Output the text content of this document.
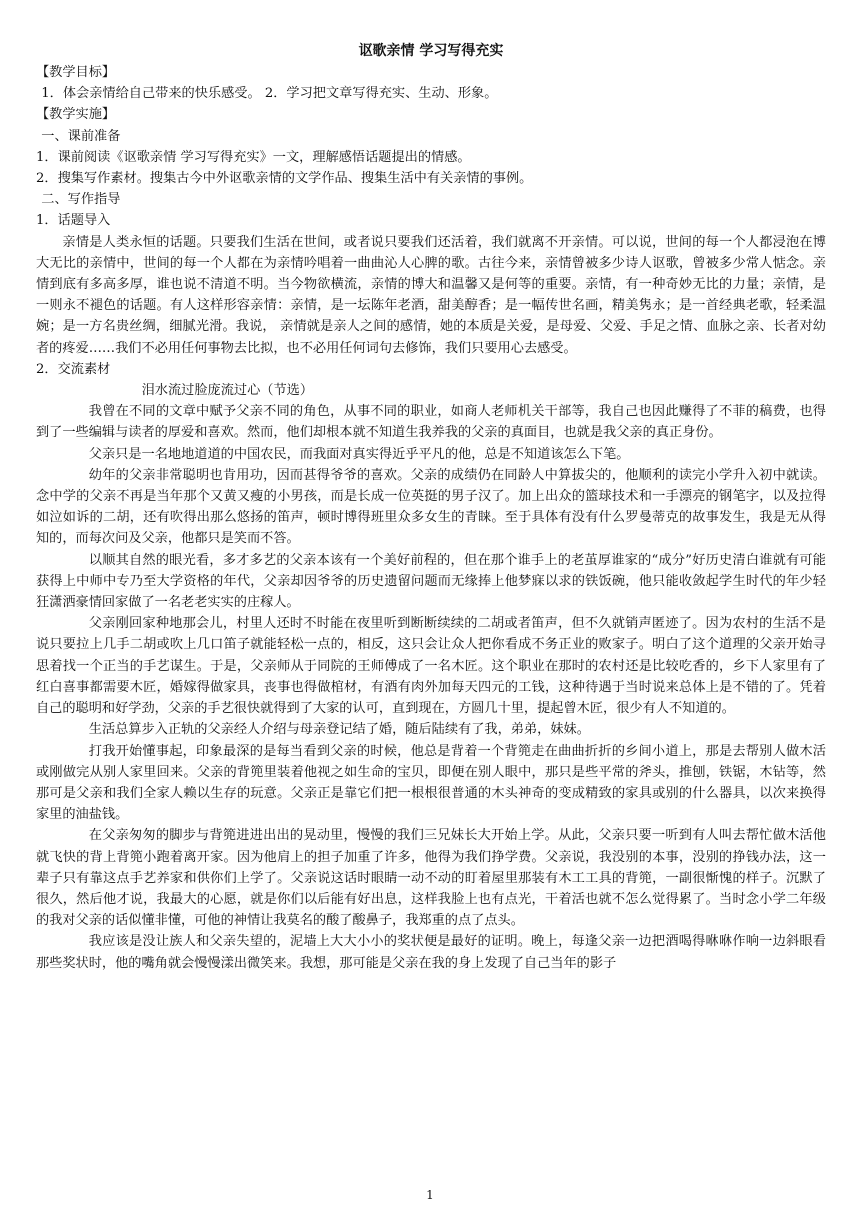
讴歌亲情 学习写得充实
【教学目标】
1．体会亲情给自己带来的快乐感受。 2．学习把文章写得充实、生动、形象。
【教学实施】
一、课前准备
1．课前阅读《讴歌亲情 学习写得充实》一文，理解感悟话题提出的情感。
2．搜集写作素材。搜集古今中外讴歌亲情的文学作品、搜集生活中有关亲情的事例。
二、写作指导
1．话题导入

亲情是人类永恒的话题。只要我们生活在世间，或者说只要我们还活着，我们就离不开亲情。可以说，世间的每一个人都浸泡在博大无比的亲情中，世间的每一个人都在为亲情吟唱着一曲曲沁人心脾的歌。古往今来，亲情曾被多少诗人讴歌，曾被多少常人惦念。亲情到底有多高多厚，谁也说不清道不明。当今物欲横流，亲情的博大和温馨又是何等的重要。亲情，有一种奇妙无比的力量；亲情，是一则永不褪色的话题。有人这样形容亲情：亲情，是一坛陈年老酒，甜美醇香；是一幅传世名画，精美隽永；是一首经典老歌，轻柔温婉；是一方名贵丝绸，细腻光滑。我说， 亲情就是亲人之间的感情，她的本质是关爱，是母爱、父爱、手足之情、血脉之亲、长者对幼者的疼爱……我们不必用任何事物去比拟，也不必用任何词句去修饰，我们只要用心去感受。

2．交流素材
泪水流过脸庞流过心（节选）

我曾在不同的文章中赋予父亲不同的角色，从事不同的职业，如商人老师机关干部等，我自己也因此赚得了不菲的稿费，也得到了一些编辑与读者的厚爱和喜欢。然而，他们却根本就不知道生我养我的父亲的真面目，也就是我父亲的真正身份。

父亲只是一名地地道道的中国农民，而我面对真实得近乎平凡的他，总是不知道该怎么下笔。

幼年的父亲非常聪明也肯用功，因而甚得爷爷的喜欢。父亲的成绩仍在同龄人中算拔尖的，他顺利的读完小学升入初中就读。念中学的父亲不再是当年那个又黄又瘦的小男孩，而是长成一位英挺的男子汉了。加上出众的篮球技术和一手漂亮的钢笔字，以及拉得如泣如诉的二胡，还有吹得出那么悠扬的笛声，顿时博得班里众多女生的青睐。至于具体有没有什么罗曼蒂克的故事发生，我是无从得知的，而每次问及父亲，他都只是笑而不答。

以顺其自然的眼光看，多才多艺的父亲本该有一个美好前程的，但在那个谁手上的老茧厚谁家的“成分”好历史清白谁就有可能获得上中师中专乃至大学资格的年代，父亲却因爷爷的历史遗留问题而无缘捧上他梦寐以求的铁饭碗，他只能收敛起学生时代的年少轻狂潇洒豪情回家做了一名老老实实的庄稼人。

父亲刚回家种地那会儿，村里人还时不时能在夜里听到断断续续的二胡或者笛声，但不久就销声匿迹了。因为农村的生活不是说只要拉上几手二胡或吹上几口笛子就能轻松一点的，相反，这只会让众人把你看成不务正业的败家子。明白了这个道理的父亲开始寻思着找一个正当的手艺谋生。于是，父亲师从于同院的王师傅成了一名木匠。这个职业在那时的农村还是比较吃香的，乡下人家里有了红白喜事都需要木匠，婚嫁得做家具，丧事也得做棺材，有酒有肉外加每天四元的工钱，这种待遇于当时说来总体上是不错的了。凭着自己的聪明和好学劲，父亲的手艺很快就得到了大家的认可，直到现在，方圆几十里，提起曾木匠，很少有人不知道的。

生活总算步入正轨的父亲经人介绍与母亲登记结了婚，随后陆续有了我，弟弟，妹妹。

打我开始懂事起，印象最深的是每当看到父亲的时候，他总是背着一个背篼走在曲曲折折的乡间小道上，那是去帮别人做木活或刚做完从别人家里回来。父亲的背篼里装着他视之如生命的宝贝，即便在别人眼中，那只是些平常的斧头，推刨，铁锯，木钻等，然那可是父亲和我们全家人赖以生存的玩意。父亲正是靠它们把一根根很普通的木头神奇的变成精致的家具或别的什么器具，以次来换得家里的油盐钱。

在父亲匆匆的脚步与背篼进进出出的晃动里，慢慢的我们三兄妹长大开始上学。从此，父亲只要一听到有人叫去帮忙做木活他就飞快的背上背篼小跑着离开家。因为他肩上的担子加重了许多，他得为我们挣学费。父亲说，我没别的本事，没别的挣钱办法，这一辈子只有靠这点手艺养家和供你们上学了。父亲说这话时眼睛一动不动的盯着屋里那装有木工工具的背篼，一副很惭愧的样子。沉默了很久，然后他才说，我最大的心愿，就是你们以后能有好出息，这样我脸上也有点光，干着活也就不怎么觉得累了。当时念小学二年级的我对父亲的话似懂非懂，可他的神情让我莫名的酸了酸鼻子，我郑重的点了点头。

我应该是没让族人和父亲失望的，泥墙上大大小小的奖状便是最好的证明。晚上，每逢父亲一边把酒喝得咻咻作响一边斜眼看那些奖状时，他的嘴角就会慢慢漾出微笑来。我想，那可能是父亲在我的身上发现了自己当年的影子

1
